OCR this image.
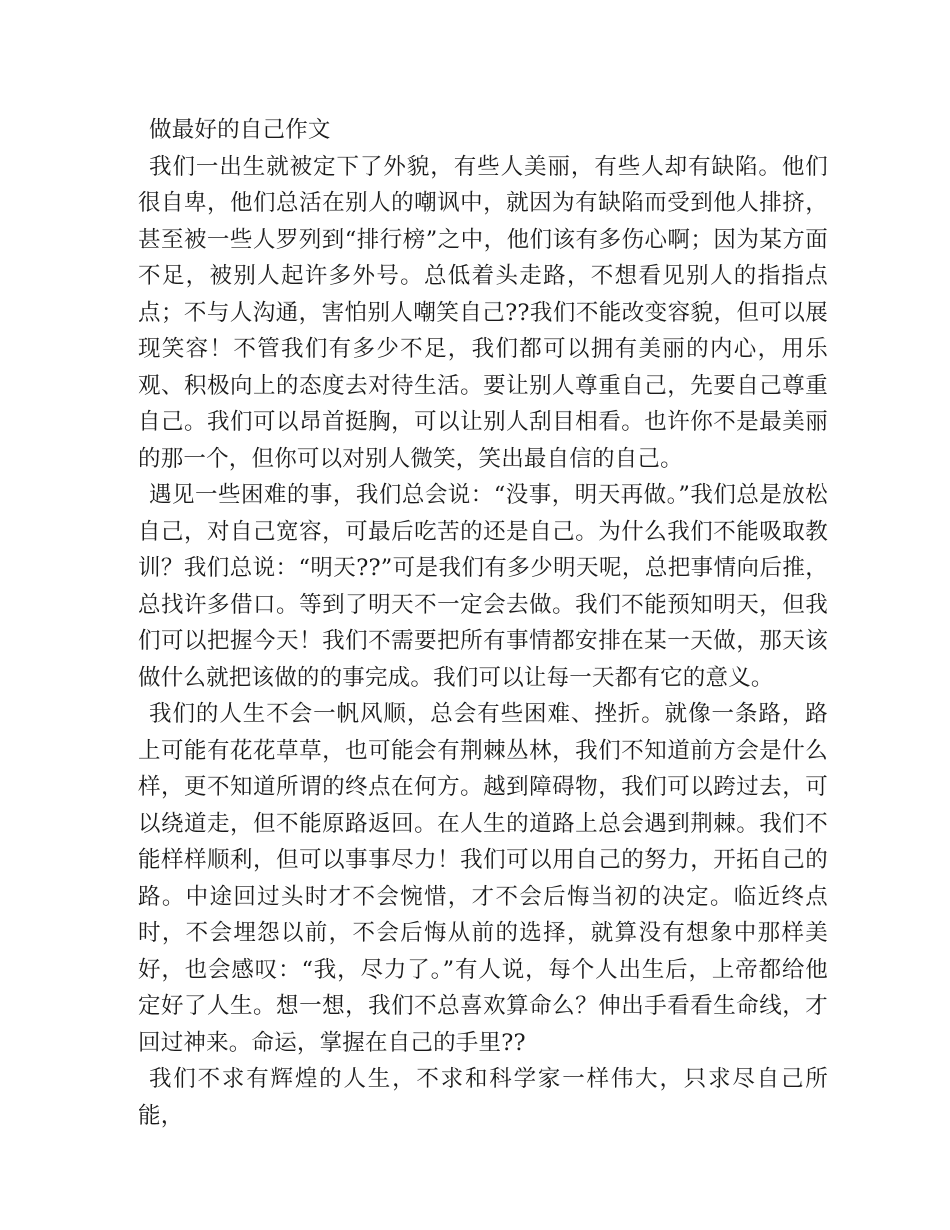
做最好的自己作文

我们一出生就被定下了外貌，有些人美丽，有些人却有缺陷。他们很自卑，他们总活在别人的嘲讽中，就因为有缺陷而受到他人排挤，甚至被一些人罗列到“排行榜”之中，他们该有多伤心啊；因为某方面不足，被别人起许多外号。总低着头走路，不想看见别人的指指点点；不与人沟通，害怕别人嘲笑自己??我们不能改变容貌，但可以展现笑容！不管我们有多少不足，我们都可以拥有美丽的内心，用乐观、积极向上的态度去对待生活。要让别人尊重自己，先要自己尊重自己。我们可以昂首挺胸，可以让别人刮目相看。也许你不是最美丽的那一个，但你可以对别人微笑，笑出最自信的自己。

遇见一些困难的事，我们总会说：“没事，明天再做。”我们总是放松自己，对自己宽容，可最后吃苦的还是自己。为什么我们不能吸取教训？我们总说：“明天??”可是我们有多少明天呢，总把事情向后推，总找许多借口。等到了明天不一定会去做。我们不能预知明天，但我们可以把握今天！我们不需要把所有事情都安排在某一天做，那天该做什么就把该做的的事完成。我们可以让每一天都有它的意义。

我们的人生不会一帆风顺，总会有些困难、挫折。就像一条路，路上可能有花花草草，也可能会有荆棘丛林，我们不知道前方会是什么样，更不知道所谓的终点在何方。越到障碍物，我们可以跨过去，可以绕道走，但不能原路返回。在人生的道路上总会遇到荆棘。我们不能样样顺利，但可以事事尽力！我们可以用自己的努力，开拓自己的路。中途回过头时才不会惋惜，才不会后悔当初的决定。临近终点时，不会埋怨以前，不会后悔从前的选择，就算没有想象中那样美好，也会感叹：“我，尽力了。”有人说，每个人出生后，上帝都给他定好了人生。想一想，我们不总喜欢算命么？伸出手看看生命线，才回过神来。命运，掌握在自己的手里??

我们不求有辉煌的人生，不求和科学家一样伟大，只求尽自己所能，
